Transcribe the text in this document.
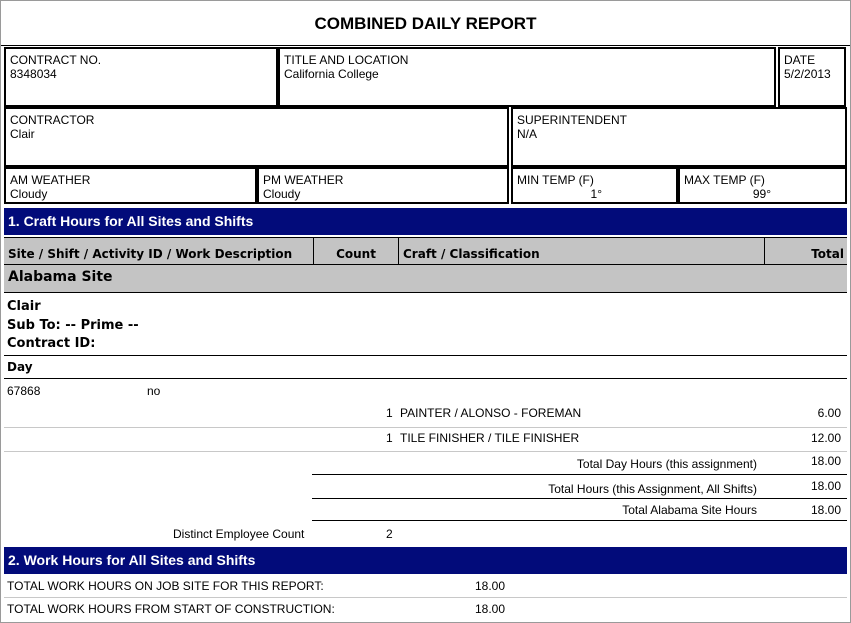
COMBINED DAILY REPORT
CONTRACT NO.
8348034
TITLE AND LOCATION
California College
DATE
5/2/2013
CONTRACTOR
Clair
SUPERINTENDENT
N/A
AM WEATHER
Cloudy
PM WEATHER
Cloudy
MIN TEMP (F)
1°
MAX TEMP (F)
99°
1. Craft Hours for All Sites and Shifts
Site / Shift / Activity ID / Work Description	Count	Craft / Classification	Total
Alabama Site
Clair
Sub To: -- Prime --
Contract ID:
Day
67868	no
1 PAINTER / ALONSO - FOREMAN	6.00
1 TILE FINISHER / TILE FINISHER	12.00
Total Day Hours (this assignment)	18.00
Total Hours (this Assignment, All Shifts)	18.00
Total Alabama Site Hours	18.00
Distinct Employee Count	2
2. Work Hours for All Sites and Shifts
TOTAL WORK HOURS ON JOB SITE FOR THIS REPORT:	18.00
TOTAL WORK HOURS FROM START OF CONSTRUCTION:	18.00
